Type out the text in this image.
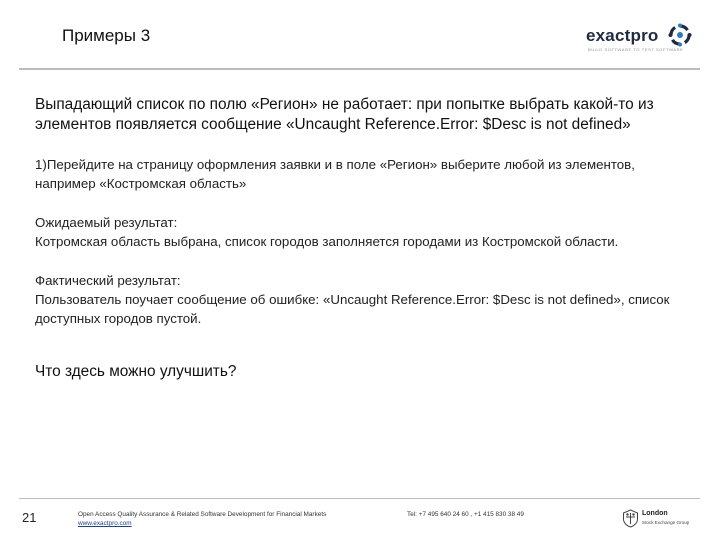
Примеры 3	exactpro
BUILD SOFTWARE TO TEST SOFTWARE

Выпадающий список по полю «Регион» не работает: при попытке выбрать какой-то из элементов появляется сообщение «Uncaught Reference.Error: $Desc is not defined»

1)Перейдите на страницу оформления заявки и в поле «Регион» выберите любой из элементов, например «Костромская область»

Ожидаемый результат:
Котромская область выбрана, список городов заполняется городами из Костромской области.
Фактический результат:
Пользователь поучает сообщение об ошибке: «Uncaught Reference.Error: $Desc is not defined», список доступных городов пустой.

Что здесь можно улучшить?

21	Open Access Quality Assurance & Related Software Development for Financial Markets
www.exactpro.com
Tel: +7 495 640 24 60 , +1 415 830 38 49	London
Stock Exchange Group
